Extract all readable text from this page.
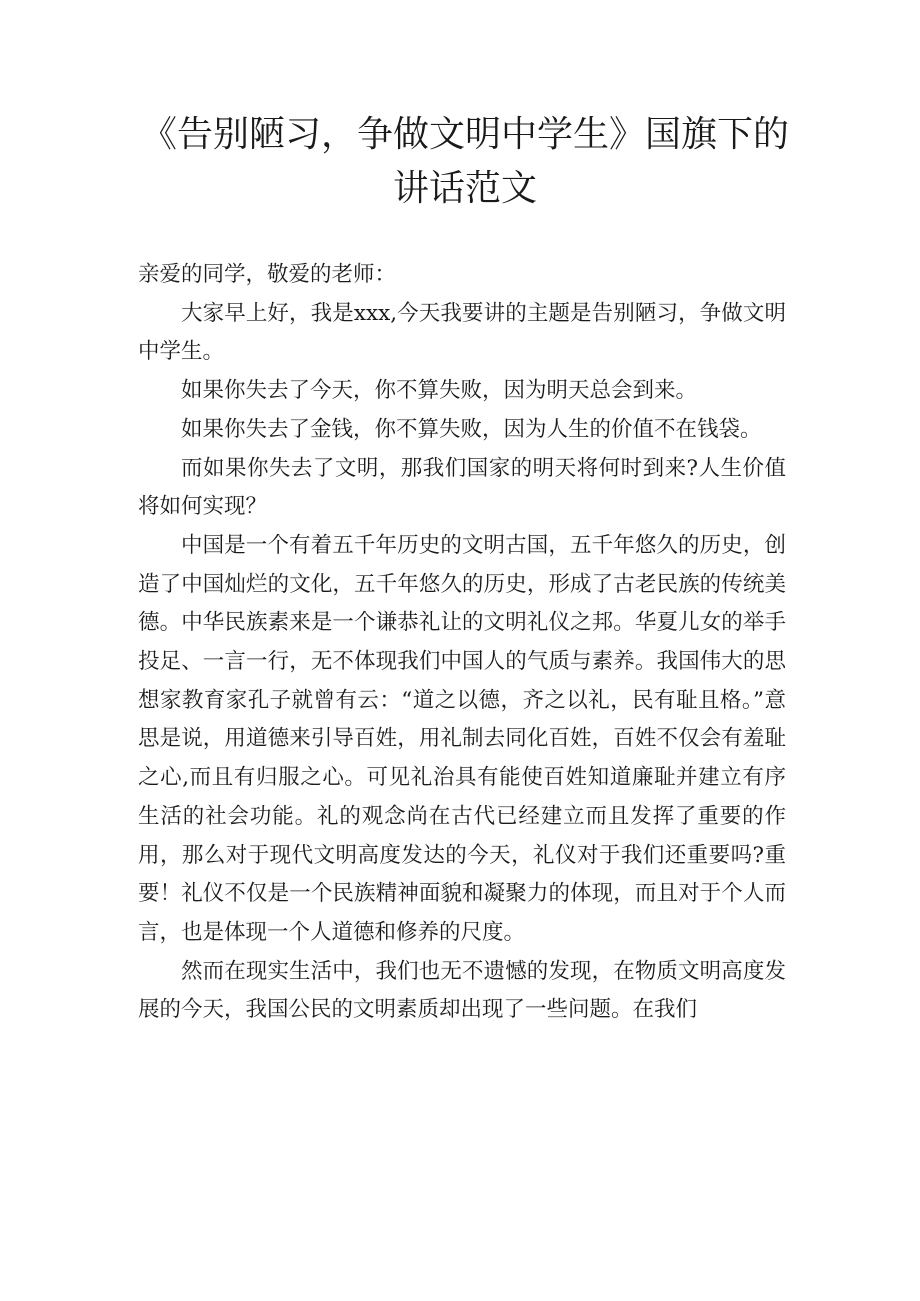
《告别陋习，争做文明中学生》国旗下的讲话范文

亲爱的同学，敬爱的老师：

大家早上好，我是xxx,今天我要讲的主题是告别陋习，争做文明中学生。

如果你失去了今天，你不算失败，因为明天总会到来。

如果你失去了金钱，你不算失败，因为人生的价值不在钱袋。

而如果你失去了文明，那我们国家的明天将何时到来?人生价值将如何实现？

中国是一个有着五千年历史的文明古国，五千年悠久的历史，创造了中国灿烂的文化，五千年悠久的历史，形成了古老民族的传统美德。中华民族素来是一个谦恭礼让的文明礼仪之邦。华夏儿女的举手投足、一言一行，无不体现我们中国人的气质与素养。我国伟大的思想家教育家孔子就曾有云：“道之以德，齐之以礼，民有耻且格。”意思是说，用道德来引导百姓，用礼制去同化百姓，百姓不仅会有羞耻之心,而且有归服之心。可见礼治具有能使百姓知道廉耻并建立有序生活的社会功能。礼的观念尚在古代已经建立而且发挥了重要的作用，那么对于现代文明高度发达的今天，礼仪对于我们还重要吗?重要！礼仪不仅是一个民族精神面貌和凝聚力的体现，而且对于个人而言，也是体现一个人道德和修养的尺度。

然而在现实生活中，我们也无不遗憾的发现，在物质文明高度发展的今天，我国公民的文明素质却出现了一些问题。在我们
